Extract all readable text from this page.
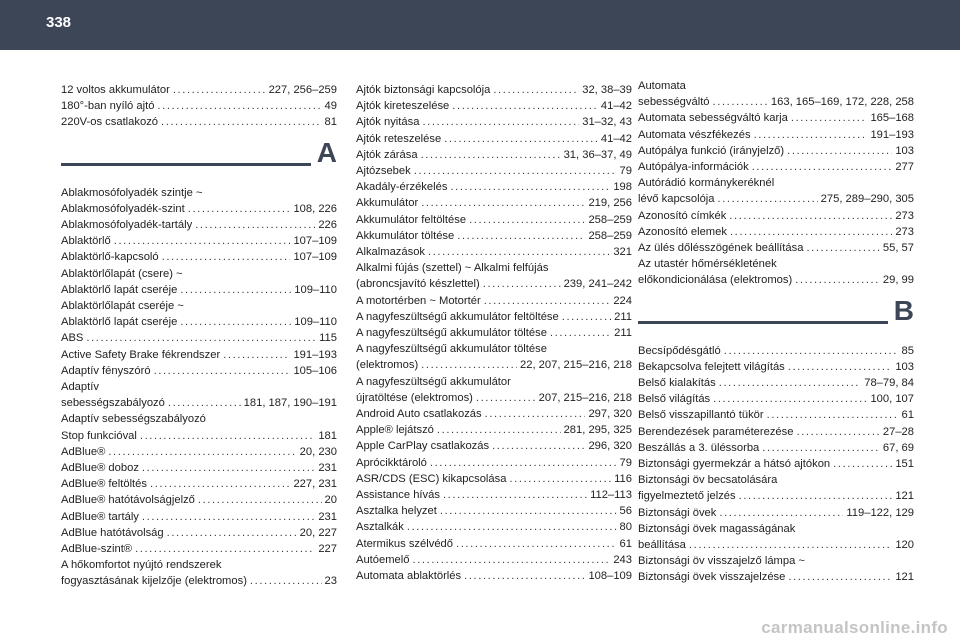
338
12 voltos akkumulátor .....	227, 256–259
180°-ban nyíló ajtó .....	49
220V-os csatlakozó .....	81
A
Ablakmosófolyadék szintje ~
Ablakmosófolyadék-szint .....	108, 226
Ablakmosófolyadék-tartály .....	226
Ablaktörlő .....	107–109
Ablaktörlő-kapcsoló .....	107–109
Ablaktörlőlapát (csere) ~
Ablaktörlő lapát cseréje .....	109–110
Ablaktörlőlapát cseréje ~
Ablaktörlő lapát cseréje .....	109–110
ABS .....	115
Active Safety Brake fékrendszer .....	191–193
Adaptív fényszóró .....	105–106
Adaptív
sebességszabályozó .....	181, 187, 190–191
Adaptív sebességszabályozó
Stop funkcióval .....	181
AdBlue® .....	20, 230
AdBlue® doboz .....	231
AdBlue® feltöltés .....	227, 231
AdBlue® hatótávolságjelző .....	20
AdBlue® tartály .....	231
AdBlue hatótávolság .....	20, 227
AdBlue-szint® .....	227
A hőkomfortot nyújtó rendszerek
fogyasztásának kijelzője (elektromos) .....	23
Ajtók biztonsági kapcsolója .....	32, 38–39
Ajtók kireteszelése .....	41–42
Ajtók nyitása .....	31–32, 43
Ajtók reteszelése .....	41–42
Ajtók zárása .....	31, 36–37, 49
Ajtózsebek .....	79
Akadály-érzékelés .....	198
Akkumulátor .....	219, 256
Akkumulátor feltöltése .....	258–259
Akkumulátor töltése .....	258–259
Alkalmazások .....	321
Alkalmi fújás (szettel) ~ Alkalmi felfújás
(abroncsjavító készlettel) .....	239, 241–242
A motortérben ~ Motortér .....	224
A nagyfeszültségű akkumulátor feltöltése .....	211
A nagyfeszültségű akkumulátor töltése .....	211
A nagyfeszültségű akkumulátor töltése
(elektromos) .....	22, 207, 215–216, 218
A nagyfeszültségű akkumulátor
újratöltése (elektromos) .....	207, 215–216, 218
Android Auto csatlakozás .....	297, 320
Apple® lejátszó .....	281, 295, 325
Apple CarPlay csatlakozás .....	296, 320
Aprócikktároló .....	79
ASR/CDS (ESC) kikapcsolása .....	116
Assistance hívás .....	112–113
Asztalka helyzet .....	56
Asztalkák .....	80
Atermikus szélvédő .....	61
Autóemelő .....	243
Automata ablaktörlés .....	108–109
Automata
sebességváltó .....	163, 165–169, 172, 228, 258
Automata sebességváltó karja .....	165–168
Automata vészfékezés .....	191–193
Autópálya funkció (irányjelző) .....	103
Autópálya-információk .....	277
Autórádió kormánykeréknél
lévő kapcsolója .....	275, 289–290, 305
Azonosító címkék .....	273
Azonosító elemek .....	273
Az ülés dőlésszögének beállítása .....	55, 57
Az utastér hőmérsékletének
előkondicionálása (elektromos) .....	29, 99
B
Becsípődésgátló .....	85
Bekapcsolva felejtett világítás .....	103
Belső kialakítás .....	78–79, 84
Belső világítás .....	100, 107
Belső visszapillantó tükör .....	61
Berendezések paraméterezése .....	27–28
Beszállás a 3. üléssorba .....	67, 69
Biztonsági gyermekzár a hátsó ajtókon .....	151
Biztonsági öv becsatolására
figyelmeztető jelzés .....	121
Biztonsági övek .....	119–122, 129
Biztonsági övek magasságának
beállítása .....	120
Biztonsági öv visszajelző lámpa ~
Biztonsági övek visszajelzése .....	121
carmanualsonline.info
